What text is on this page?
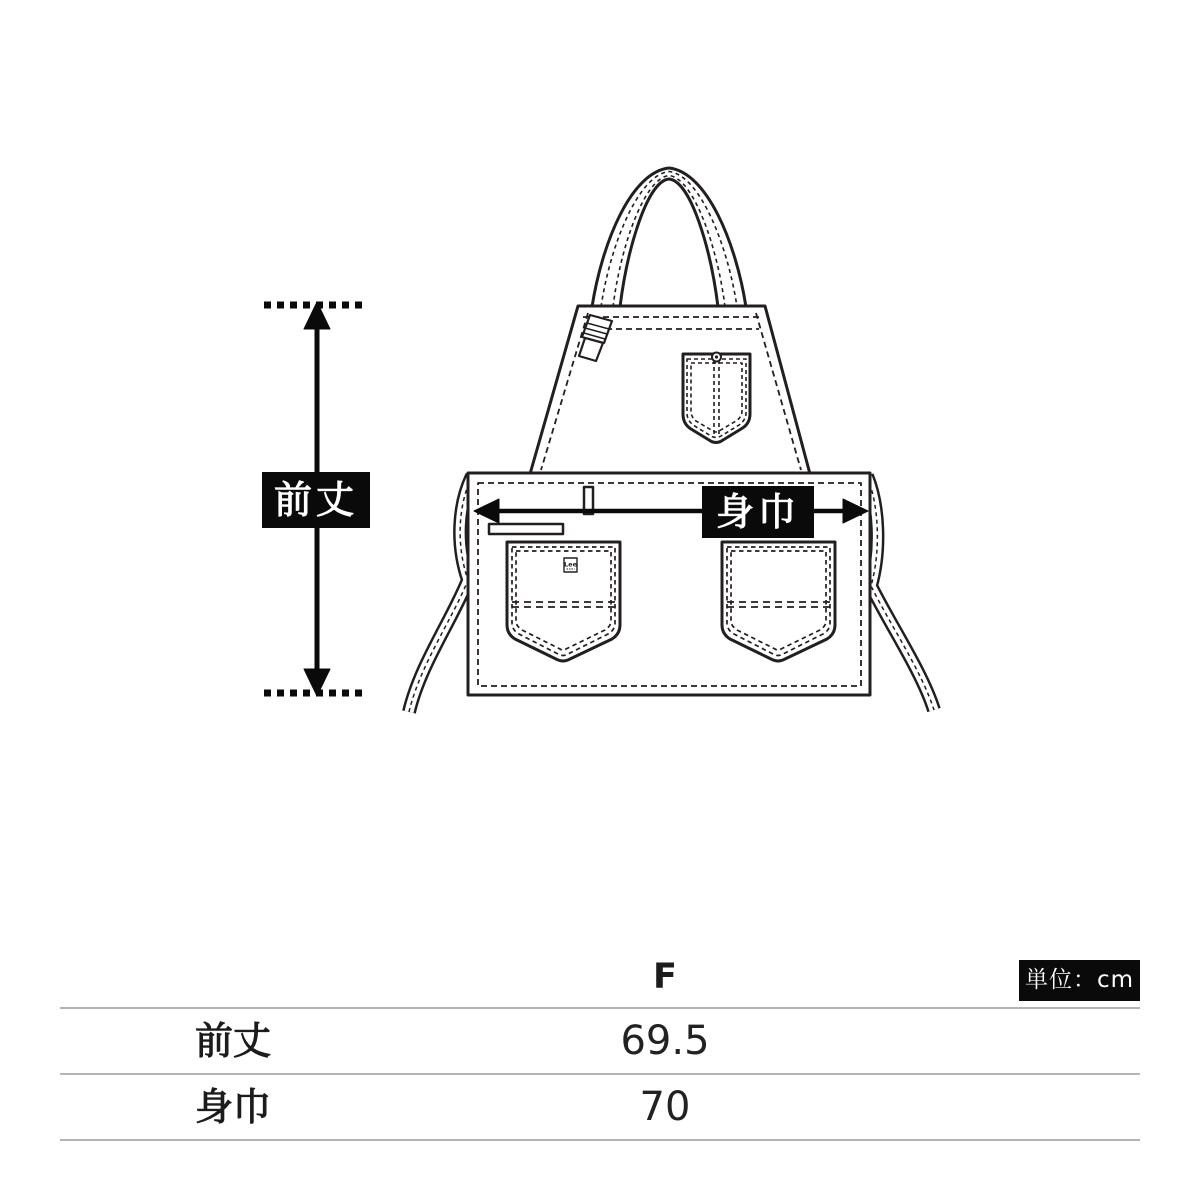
Lee
前丈	身巾
F	単位：cm
前丈	69.5
身巾	70
